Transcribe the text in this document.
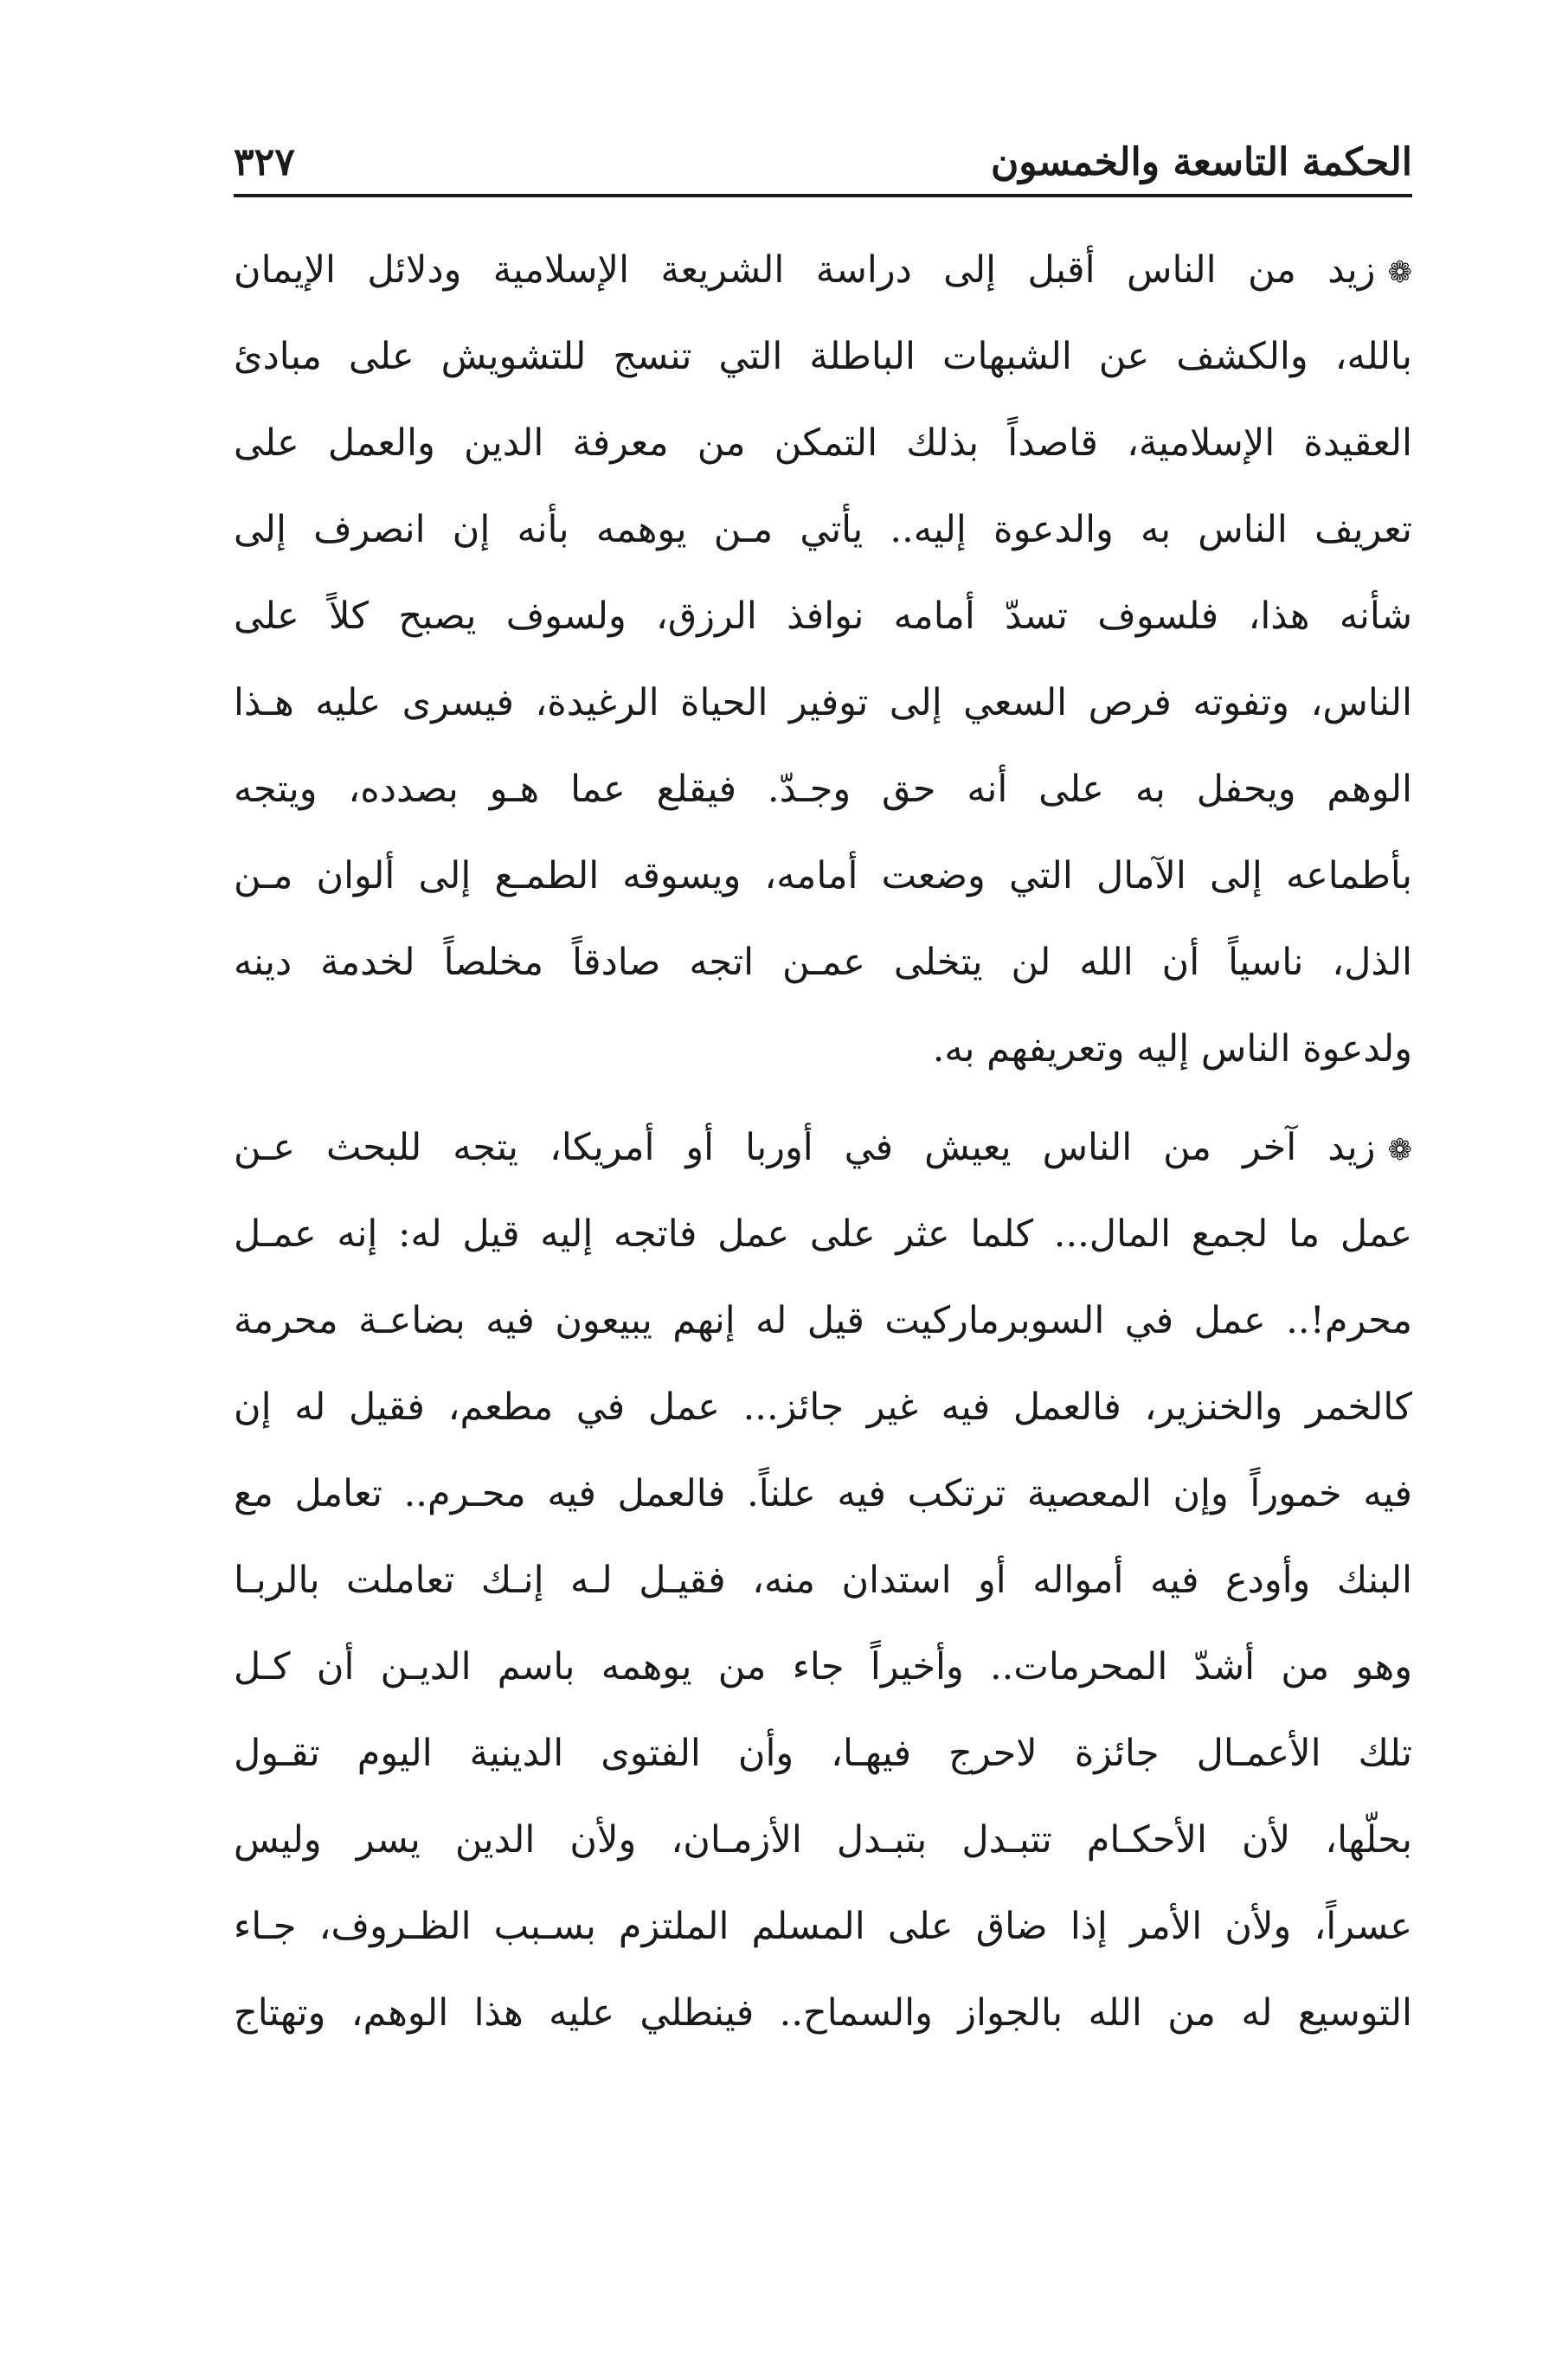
الحكمة التاسعة والخمسون
٣٢٧
❁زيد من الناس أقبل إلى دراسة الشريعة الإسلامية ودلائل الإيمان
بالله، والكشف عن الشبهات الباطلة التي تنسج للتشويش على مبادئ
العقيدة الإسلامية، قاصداً بذلك التمكن من معرفة الدين والعمل على
تعريف الناس به والدعوة إليه.. يأتي مـن يوهمه بأنه إن انصرف إلى
شأنه هذا، فلسوف تسدّ أمامه نوافذ الرزق، ولسوف يصبح كلاً على
الناس، وتفوته فرص السعي إلى توفير الحياة الرغيدة، فيسرى عليه هـذا
الوهم ويحفل به على أنه حق وجـدّ. فيقلع عما هـو بصدده، ويتجه
بأطماعه إلى الآمال التي وضعت أمامه، ويسوقه الطمـع إلى ألوان مـن
الذل، ناسياً أن الله لن يتخلى عمـن اتجه صادقاً مخلصاً لخدمة دينه
ولدعوة الناس إليه وتعريفهم به.
❁زيد آخر من الناس يعيش في أوربا أو أمريكا، يتجه للبحث عـن
عمل ما لجمع المال... كلما عثر على عمل فاتجه إليه قيل له: إنه عمـل
محرم!.. عمل في السوبرماركيت قيل له إنهم يبيعون فيه بضاعـة محرمة
كالخمر والخنزير، فالعمل فيه غير جائز... عمل في مطعم، فقيل له إن
فيه خموراً وإن المعصية ترتكب فيه علناً. فالعمل فيه محـرم.. تعامل مع
البنك وأودع فيه أمواله أو استدان منه، فقيـل لـه إنـك تعاملت بالربـا
وهو من أشدّ المحرمات.. وأخيراً جاء من يوهمه باسم الديـن أن كـل
تلك الأعمـال جائزة لاحرج فيهـا، وأن الفتوى الدينية اليوم تقـول
بحلّها، لأن الأحكـام تتبـدل بتبـدل الأزمـان، ولأن الدين يسر وليس
عسراً، ولأن الأمر إذا ضاق على المسلم الملتزم بسـبب الظـروف، جـاء
التوسيع له من الله بالجواز والسماح.. فينطلي عليه هذا الوهم، وتهتاج
